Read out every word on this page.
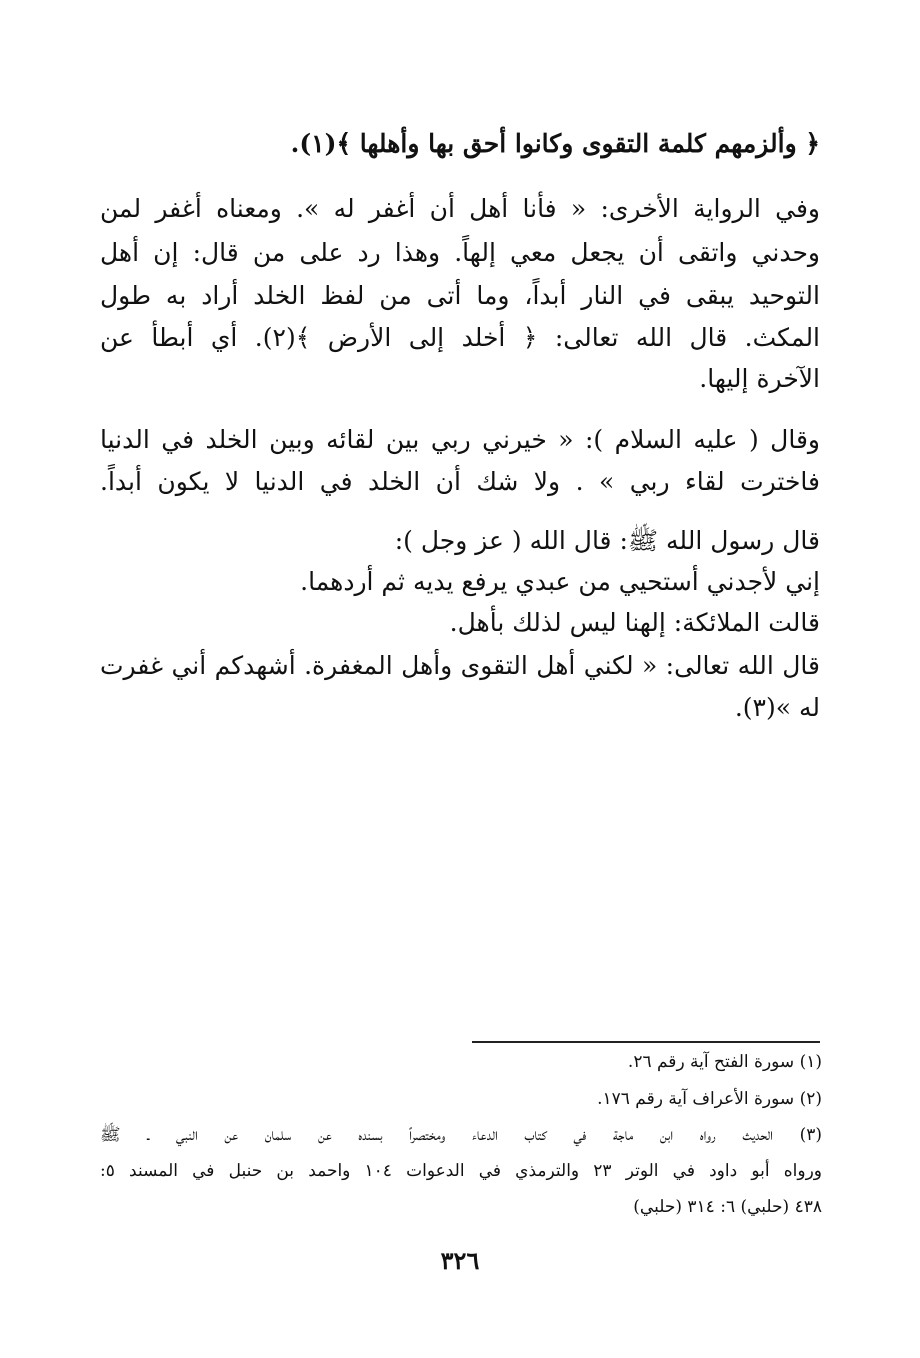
﴿ وألزمهم كلمة التقوى وكانوا أحق بها وأهلها ﴾(١).
وفي الرواية الأخرى: « فأنا أهل أن أغفر له ». ومعناه أغفر لمن
وحدني واتقى أن يجعل معي إلهاً. وهذا رد على من قال: إن أهل
التوحيد يبقى في النار أبداً، وما أتى من لفظ الخلد أراد به طول
المكث. قال الله تعالى: ﴿ أخلد إلى الأرض ﴾(٢). أي أبطأ عن
الآخرة إليها.
وقال ( عليه السلام ): « خيرني ربي بين لقائه وبين الخلد في الدنيا
فاخترت لقاء ربي » . ولا شك أن الخلد في الدنيا لا يكون أبداً.
قال رسول الله ﷺ: قال الله ( عز وجل ):
إني لأجدني أستحيي من عبدي يرفع يديه ثم أردهما.
قالت الملائكة: إلهنا ليس لذلك بأهل.
قال الله تعالى: « لكني أهل التقوى وأهل المغفرة. أشهدكم أني غفرت
له »(٣).
(١) سورة الفتح آية رقم ٢٦.
(٢) سورة الأعراف آية رقم ١٧٦.
(٣) الحديث رواه ابن ماجة في كتاب الدعاء ومختصراً بسنده عن سلمان عن النبي ـ ﷺ
ورواه أبو داود في الوتر ٢٣ والترمذي في الدعوات ١٠٤ واحمد بن حنبل في المسند ٥:
٤٣٨ (حلبي) ٦: ٣١٤ (حلبي)
٣٢٦
